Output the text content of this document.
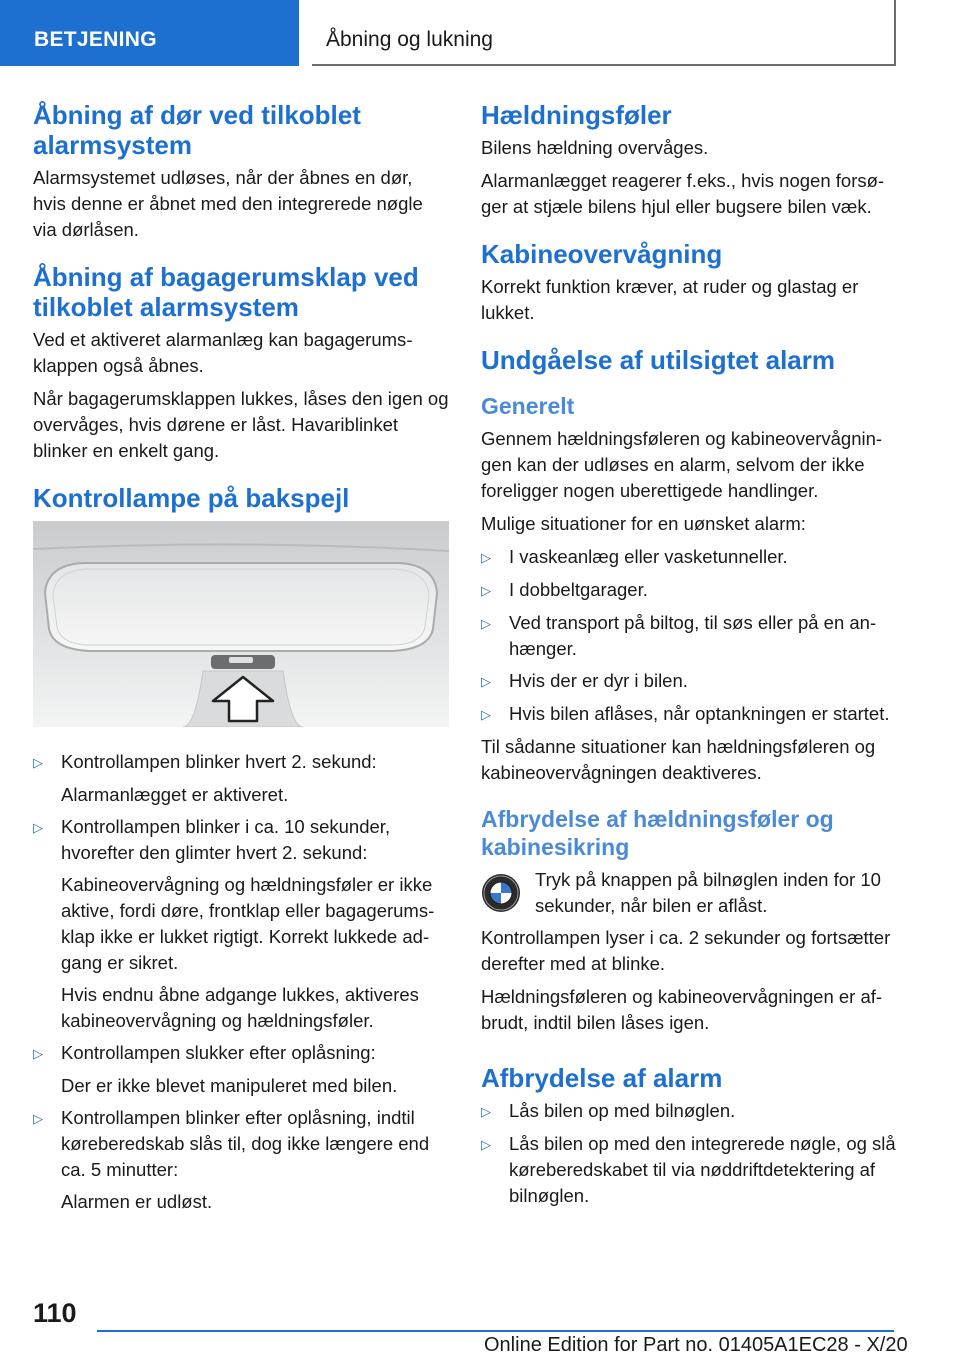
BETJENING	Åbning og lukning
Åbning af dør ved tilkoblet
alarmsystem

Alarmsystemet udløses, når der åbnes en dør, hvis denne er åbnet med den integrerede nøgle via dørlåsen.

Åbning af bagagerumsklap ved
tilkoblet alarmsystem

Ved et aktiveret alarmanlæg kan bagagerumsklappen også åbnes.

Når bagagerumsklappen lukkes, låses den igen og overvåges, hvis dørene er låst. Havariblinket blinker en enkelt gang.

Kontrollampe på bakspejl
▷ Kontrollampen blinker hvert 2. sekund:
Alarmanlægget er aktiveret.
▷ Kontrollampen blinker i ca. 10 sekunder, hvorefter den glimter hvert 2. sekund:
Kabineovervågning og hældningsføler er ikke aktive, fordi døre, frontklap eller bagagerumsklap ikke er lukket rigtigt. Korrekt lukkede adgang er sikret.
Hvis endnu åbne adgange lukkes, aktiveres kabineovervågning og hældningsføler.
▷ Kontrollampen slukker efter oplåsning:
Der er ikke blevet manipuleret med bilen.
▷ Kontrollampen blinker efter oplåsning, indtil køreberedskab slås til, dog ikke længere end ca. 5 minutter:
Alarmen er udløst.
Hældningsføler

Bilens hældning overvåges.

Alarmanlægget reagerer f.eks., hvis nogen forsøger at stjæle bilens hjul eller bugsere bilen væk.

Kabineovervågning

Korrekt funktion kræver, at ruder og glastag er lukket.

Undgåelse af utilsigtet alarm
Generelt

Gennem hældningsføleren og kabineovervågningen kan der udløses en alarm, selvom der ikke foreligger nogen uberettigede handlinger.

Mulige situationer for en uønsket alarm:

▷ I vaskeanlæg eller vasketunneller.
▷ I dobbeltgarager.
▷ Ved transport på biltog, til søs eller på en anhænger.
▷ Hvis der er dyr i bilen.
▷ Hvis bilen aflåses, når optankningen er startet.

Til sådanne situationer kan hældningsføleren og kabineovervågningen deaktiveres.

Afbrydelse af hældningsføler og
kabinesikring
Tryk på knappen på bilnøglen inden for 10 sekunder, når bilen er aflåst.

Kontrollampen lyser i ca. 2 sekunder og fortsætter derefter med at blinke.

Hældningsføleren og kabineovervågningen er afbrudt, indtil bilen låses igen.

Afbrydelse af alarm
▷ Lås bilen op med bilnøglen.
▷ Lås bilen op med den integrerede nøgle, og slå køreberedskabet til via nøddriftdetektering af bilnøglen.
110
Online Edition for Part no. 01405A1EC28 - X/20
